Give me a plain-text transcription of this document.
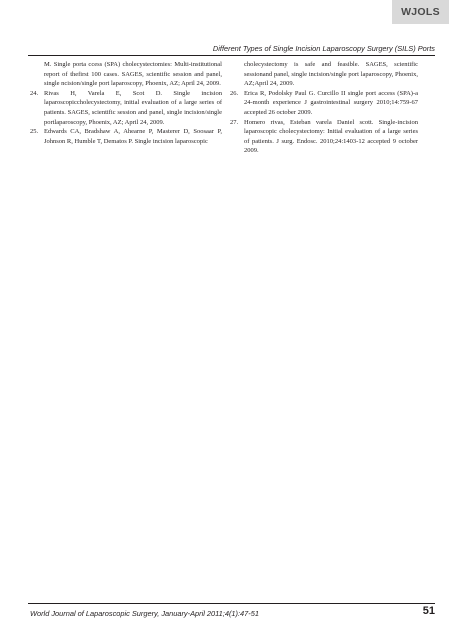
WJOLS
Different Types of Single Incision Laparoscopy Surgery (SILS) Ports

M. Single porta ccess (SPA) cholecystectomies: Multi-institutional report of thefirst 100 cases. SAGES, scientific session and panel, single ncision/single port laparoscopy, Phoenix, AZ; April 24, 2009.

24. Rivas H, Varela E, Scot D. Single incision laparoscopiccholecystectomy, initial evaluation of a large series of patients. SAGES, scientific session and panel, single incision/single portlaparoscopy, Phoenix, AZ; April 24, 2009.

25. Edwards CA, Bradshaw A, Ahearne P, Masterer D, Soosaar P, Johnson R, Humble T, Dematos P. Single incision laparoscopic

cholecystectomy is safe and feasible. SAGES, scientific sessionand panel, single incision/single port laparoscopy, Phoenix, AZ;April 24, 2009.

26. Erica R, Podolsky Paul G. Curcillo II single port access (SPA)-a 24-month experience J gastrointestinal surgery 2010;14:759-67 accepted 26 october 2009.

27. Homero rivas, Esteban varela Daniel scott. Single-incision laparoscopic cholecystectomy: Initial evaluation of a large series of patients. J surg. Endosc. 2010;24:1403-12 accepted 9 october 2009.

World Journal of Laparoscopic Surgery, January-April 2011;4(1):47-51	51
